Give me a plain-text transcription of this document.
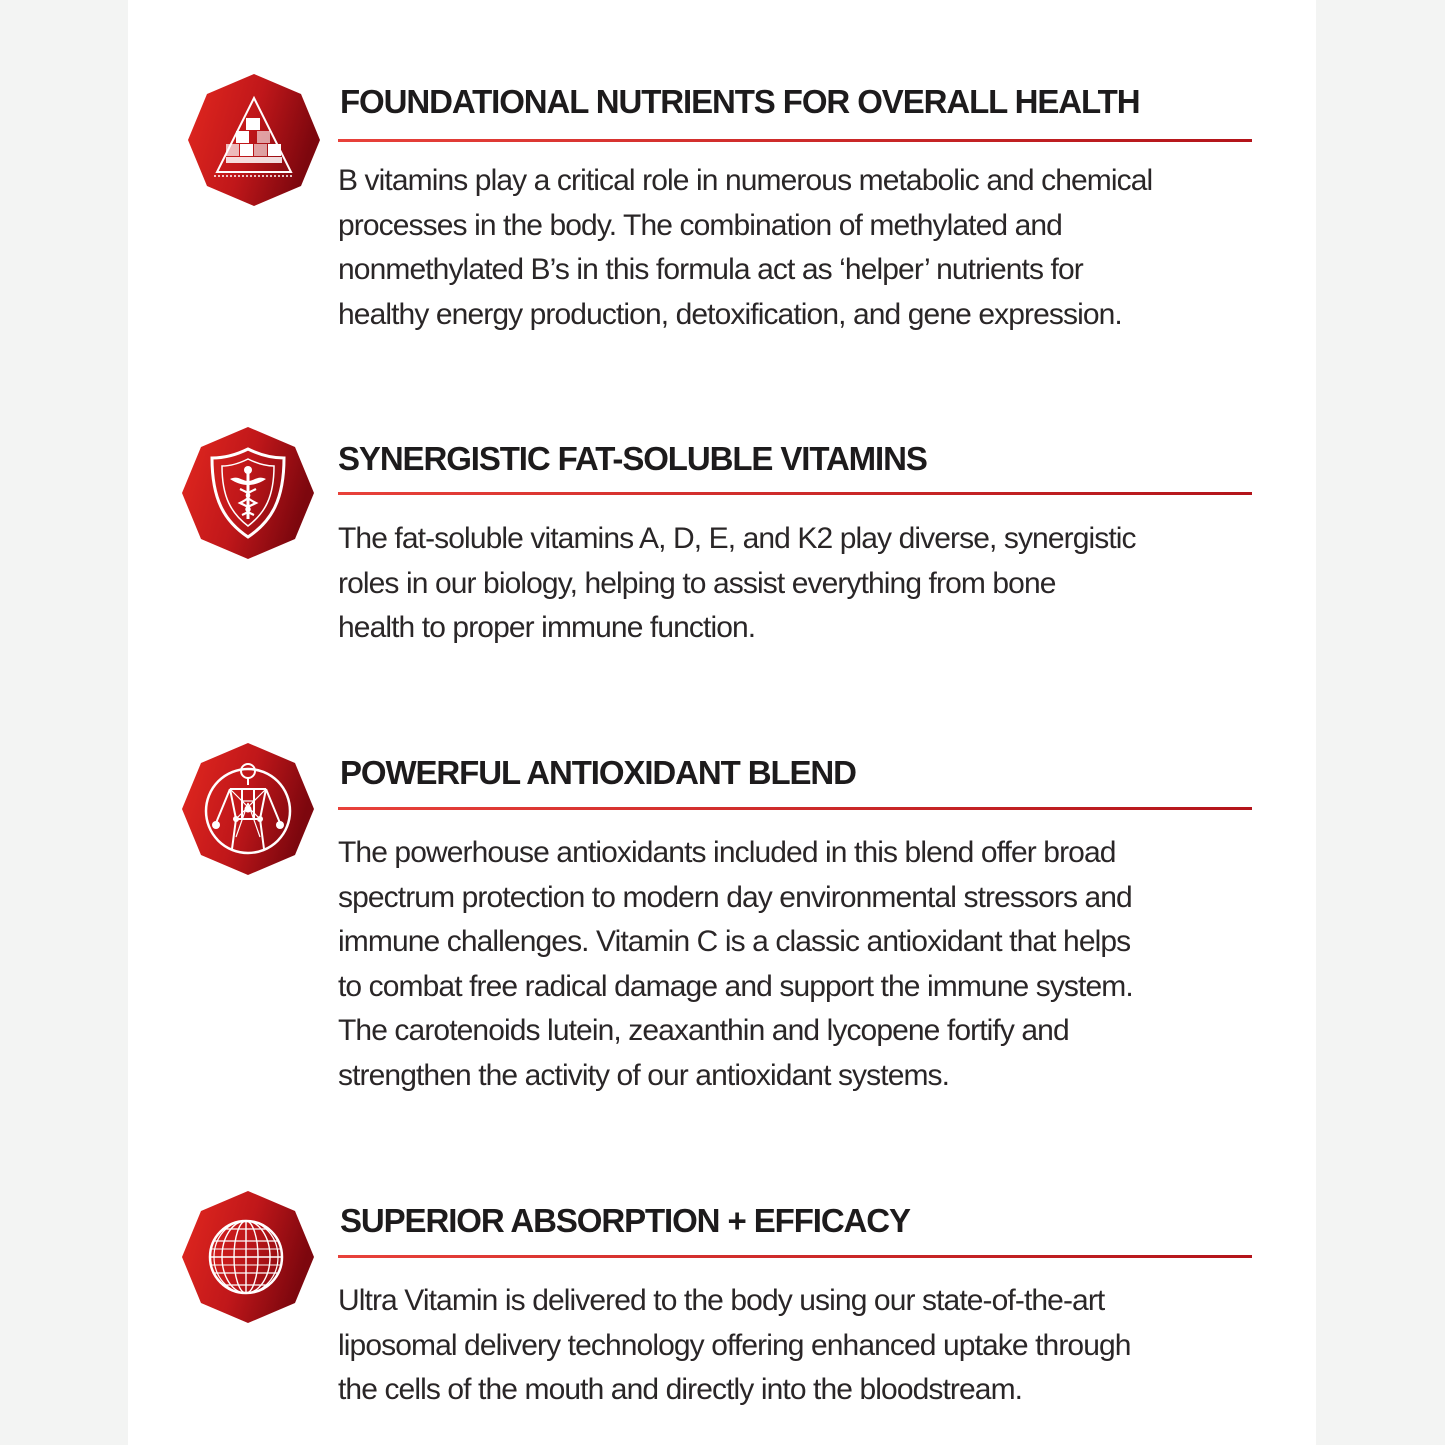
FOUNDATIONAL NUTRIENTS FOR OVERALL HEALTH

B vitamins play a critical role in numerous metabolic and chemical
processes in the body. The combination of methylated and
nonmethylated B’s in this formula act as ‘helper’ nutrients for
healthy energy production, detoxification, and gene expression.

SYNERGISTIC FAT-SOLUBLE VITAMINS

The fat-soluble vitamins A, D, E, and K2 play diverse, synergistic
roles in our biology, helping to assist everything from bone
health to proper immune function.

POWERFUL ANTIOXIDANT BLEND

The powerhouse antioxidants included in this blend offer broad
spectrum protection to modern day environmental stressors and
immune challenges. Vitamin C is a classic antioxidant that helps
to combat free radical damage and support the immune system.
The carotenoids lutein, zeaxanthin and lycopene fortify and
strengthen the activity of our antioxidant systems.

SUPERIOR ABSORPTION + EFFICACY

Ultra Vitamin is delivered to the body using our state-of-the-art
liposomal delivery technology offering enhanced uptake through
the cells of the mouth and directly into the bloodstream.
